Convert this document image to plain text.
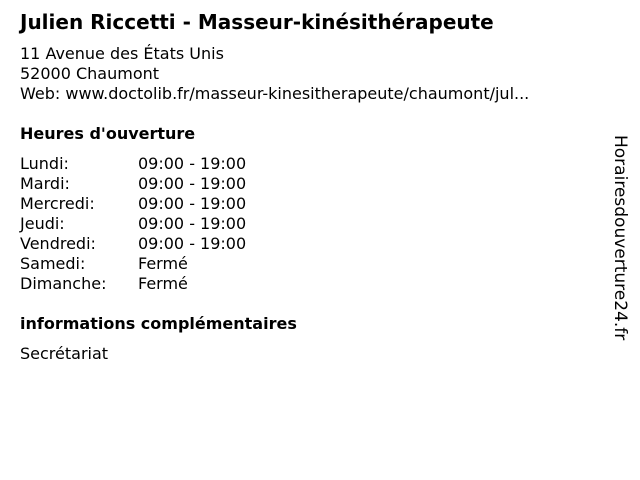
Julien Riccetti - Masseur-kinésithérapeute
11 Avenue des États Unis
52000 Chaumont
Web: www.doctolib.fr/masseur-kinesitherapeute/chaumont/jul...
Heures d'ouverture
Lundi:	09:00 - 19:00
Mardi:	09:00 - 19:00
Mercredi:	09:00 - 19:00
Jeudi:	09:00 - 19:00
Vendredi:	09:00 - 19:00
Samedi:	Fermé
Dimanche: Fermé
informations complémentaires
Secrétariat
Horairesdouverture24.fr
